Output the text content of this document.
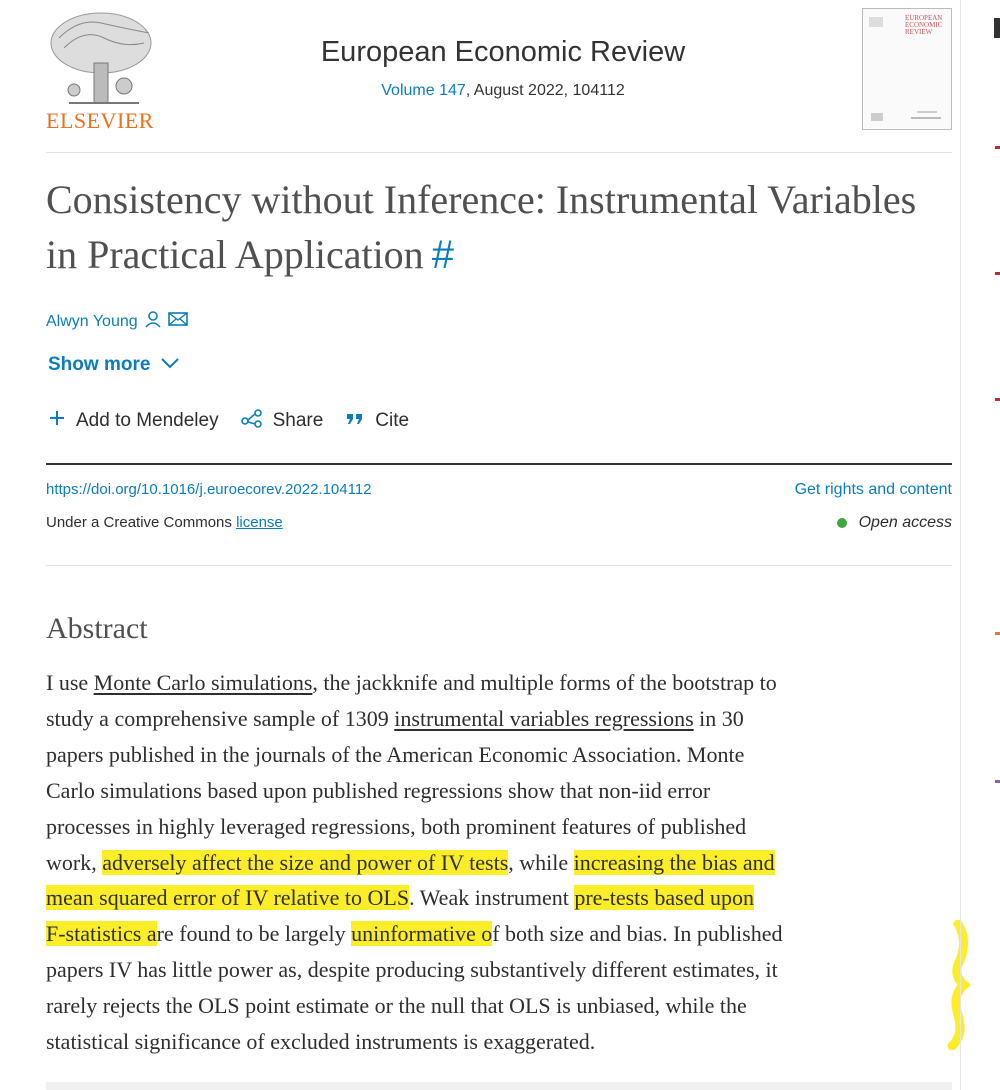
ELSEVIER
European Economic Review
Volume 147, August 2022, 104112
EUROPEAN ECONOMIC REVIEW
Consistency without Inference: Instrumental Variables in Practical Application #
Alwyn Young
Show more
Add to Mendeley	Share	Cite
https://doi.org/10.1016/j.euroecorev.2022.104112	Get rights and content
Under a Creative Commons license	Open access
Abstract
I use Monte Carlo simulations, the jackknife and multiple forms of the bootstrap to
study a comprehensive sample of 1309 instrumental variables regressions in 30
papers published in the journals of the American Economic Association. Monte
Carlo simulations based upon published regressions show that non-iid error
processes in highly leveraged regressions, both prominent features of published
work, adversely affect the size and power of IV tests, while increasing the bias and
mean squared error of IV relative to OLS. Weak instrument pre-tests based upon
F-statistics are found to be largely uninformative of both size and bias. In published
papers IV has little power as, despite producing substantively different estimates, it
rarely rejects the OLS point estimate or the null that OLS is unbiased, while the
statistical significance of excluded instruments is exaggerated.
